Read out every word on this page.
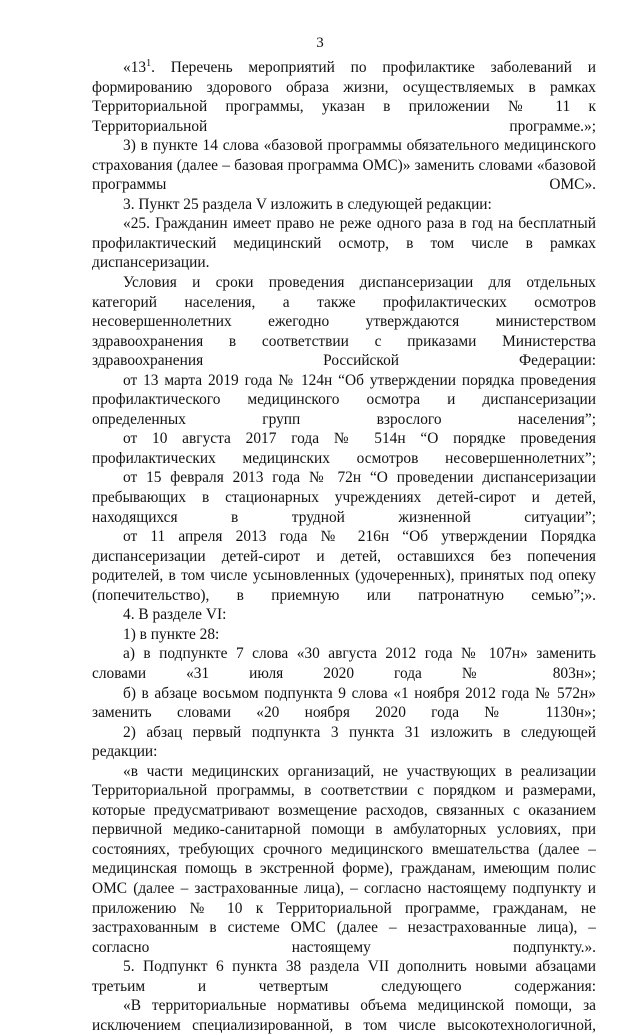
3

«$13^1$. Перечень мероприятий по профилактике заболеваний и формированию здорового образа жизни, осуществляемых в рамках Территориальной программы, указан в приложении № 11 к Территориальной программе.»;

3) в пункте 14 слова «базовой программы обязательного медицинского страхования (далее – базовая программа ОМС)» заменить словами «базовой программы ОМС».

3. Пункт 25 раздела V изложить в следующей редакции:

«25. Гражданин имеет право не реже одного раза в год на бесплатный профилактический медицинский осмотр, в том числе в рамках диспансеризации.

Условия и сроки проведения диспансеризации для отдельных категорий населения, а также профилактических осмотров несовершеннолетних ежегодно утверждаются министерством здравоохранения в соответствии с приказами Министерства здравоохранения Российской Федерации:

от 13 марта 2019 года № 124н “Об утверждении порядка проведения профилактического медицинского осмотра и диспансеризации определенных групп взрослого населения”;

от 10 августа 2017 года № 514н “О порядке проведения профилактических медицинских осмотров несовершеннолетних”;

от 15 февраля 2013 года № 72н “О проведении диспансеризации пребывающих в стационарных учреждениях детей-сирот и детей, находящихся в трудной жизненной ситуации”;

от 11 апреля 2013 года № 216н “Об утверждении Порядка диспансеризации детей-сирот и детей, оставшихся без попечения родителей, в том числе усыновленных (удочеренных), принятых под опеку (попечительство), в приемную или патронатную семью”;».

4. В разделе VI:

1) в пункте 28:

а) в подпункте 7 слова «30 августа 2012 года № 107н» заменить словами «31 июля 2020 года № 803н»;

б) в абзаце восьмом подпункта 9 слова «1 ноября 2012 года № 572н» заменить словами «20 ноября 2020 года № 1130н»;

2) абзац первый подпункта 3 пункта 31 изложить в следующей редакции:

«в части медицинских организаций, не участвующих в реализации Территориальной программы, в соответствии с порядком и размерами, которые предусматривают возмещение расходов, связанных с оказанием первичной медико-санитарной помощи в амбулаторных условиях, при состояниях, требующих срочного медицинского вмешательства (далее – медицинская помощь в экстренной форме), гражданам, имеющим полис ОМС (далее – застрахованные лица), – согласно настоящему подпункту и приложению № 10 к Территориальной программе, гражданам, не застрахованным в системе ОМС (далее – незастрахованные лица), – согласно настоящему подпункту.».

5. Подпункт 6 пункта 38 раздела VII дополнить новыми абзацами третьим и четвертым следующего содержания:

«В территориальные нормативы объема медицинской помощи, за исключением специализированной, в том числе высокотехнологичной,
